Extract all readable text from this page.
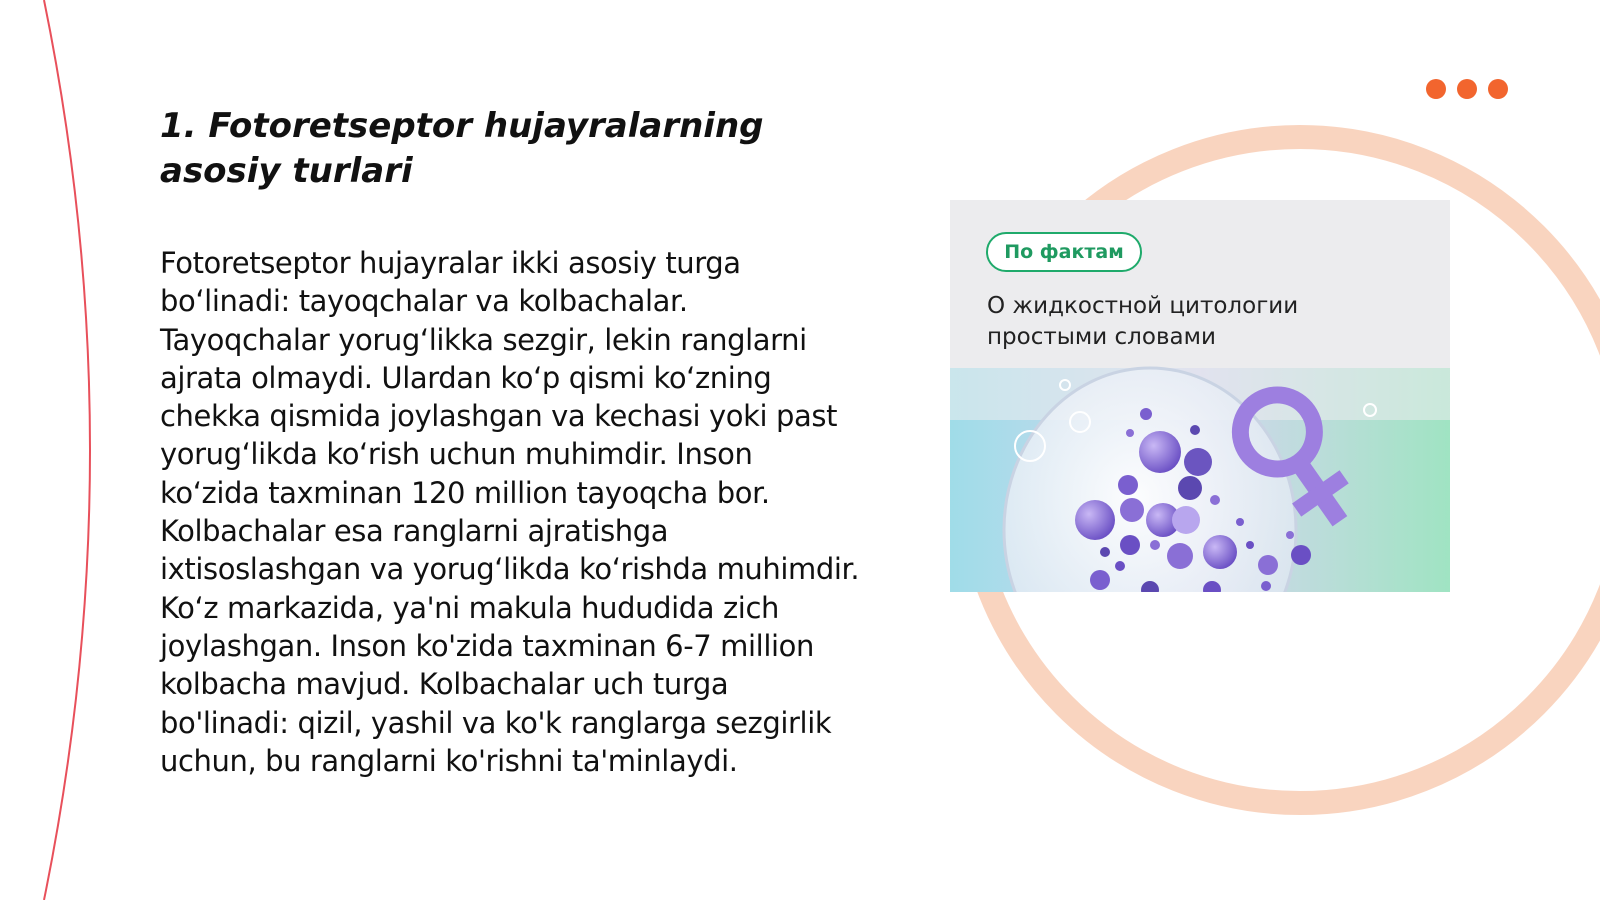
1. Fotoretseptor hujayralarning asosiy turlari

Fotoretseptor hujayralar ikki asosiy turga bo‘linadi: tayoqchalar va kolbachalar. Tayoqchalar yorug‘likka sezgir, lekin ranglarni ajrata olmaydi. Ulardan ko‘p qismi ko‘zning chekka qismida joylashgan va kechasi yoki past yorug‘likda ko‘rish uchun muhimdir. Inson ko‘zida taxminan 120 million tayoqcha bor. Kolbachalar esa ranglarni ajratishga ixtisoslashgan va yorug‘likda ko‘rishda muhimdir. Ko‘z markazida, ya'ni makula hududida zich joylashgan. Inson ko'zida taxminan 6-7 million kolbacha mavjud. Kolbachalar uch turga bo'linadi: qizil, yashil va ko'k ranglarga sezgirlik uchun, bu ranglarni ko'rishni ta'minlaydi.

По фактам

О жидкостной цитологии простыми словами
